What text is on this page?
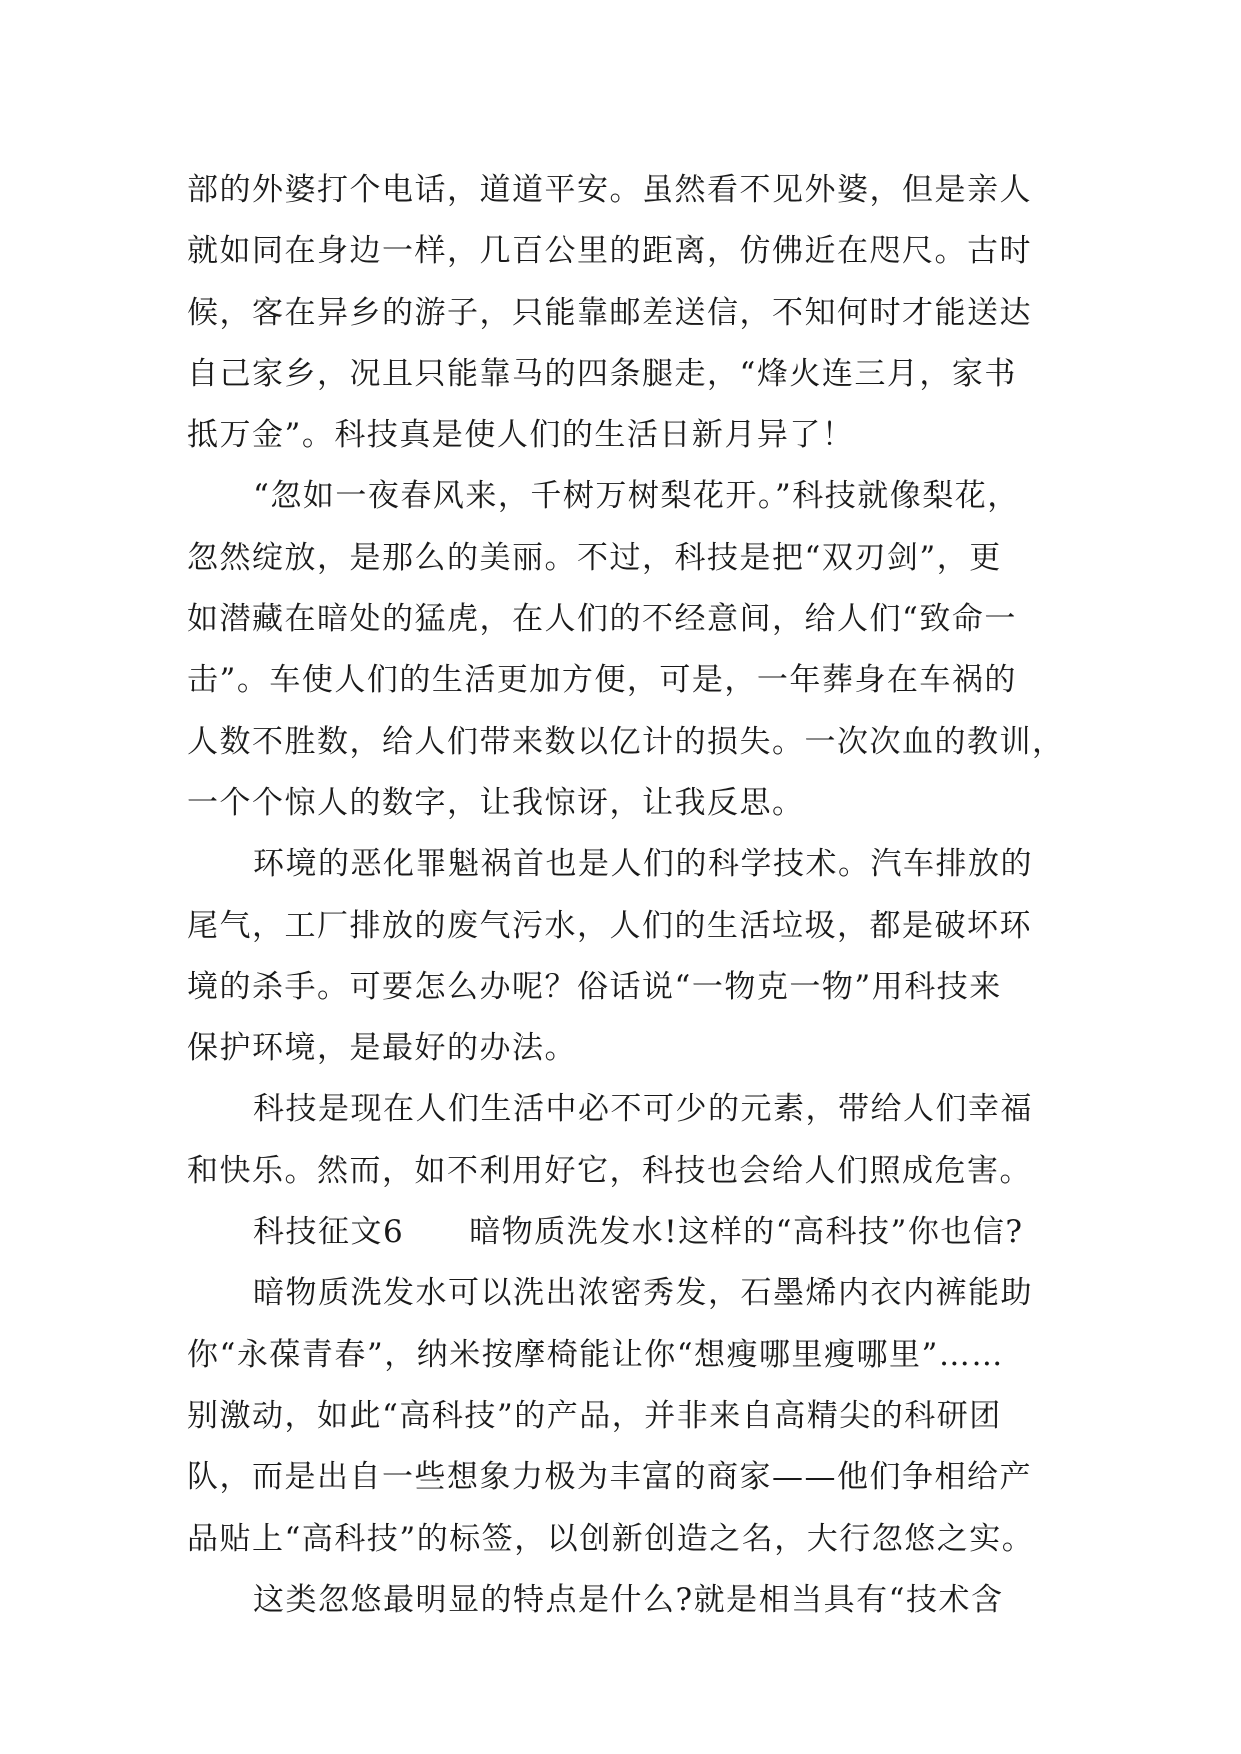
部的外婆打个电话，道道平安。虽然看不见外婆，但是亲人
就如同在身边一样，几百公里的距离，仿佛近在咫尺。古时
候，客在异乡的游子，只能靠邮差送信，不知何时才能送达
自己家乡，况且只能靠马的四条腿走，“烽火连三月，家书
抵万金”。科技真是使人们的生活日新月异了！
“忽如一夜春风来，千树万树梨花开。”科技就像梨花，
忽然绽放，是那么的美丽。不过，科技是把“双刃剑”，更
如潜藏在暗处的猛虎，在人们的不经意间，给人们“致命一
击”。车使人们的生活更加方便，可是，一年葬身在车祸的
人数不胜数，给人们带来数以亿计的损失。一次次血的教训，
一个个惊人的数字，让我惊讶，让我反思。
环境的恶化罪魁祸首也是人们的科学技术。汽车排放的
尾气，工厂排放的废气污水，人们的生活垃圾，都是破坏环
境的杀手。可要怎么办呢？俗话说“一物克一物”用科技来
保护环境，是最好的办法。
科技是现在人们生活中必不可少的元素，带给人们幸福
和快乐。然而，如不利用好它，科技也会给人们照成危害。
科技征文6　　暗物质洗发水!这样的“高科技”你也信?
暗物质洗发水可以洗出浓密秀发，石墨烯内衣内裤能助
你“永葆青春”，纳米按摩椅能让你“想瘦哪里瘦哪里”……
别激动，如此“高科技”的产品，并非来自高精尖的科研团
队，而是出自一些想象力极为丰富的商家——他们争相给产
品贴上“高科技”的标签，以创新创造之名，大行忽悠之实。
这类忽悠最明显的特点是什么?就是相当具有“技术含
